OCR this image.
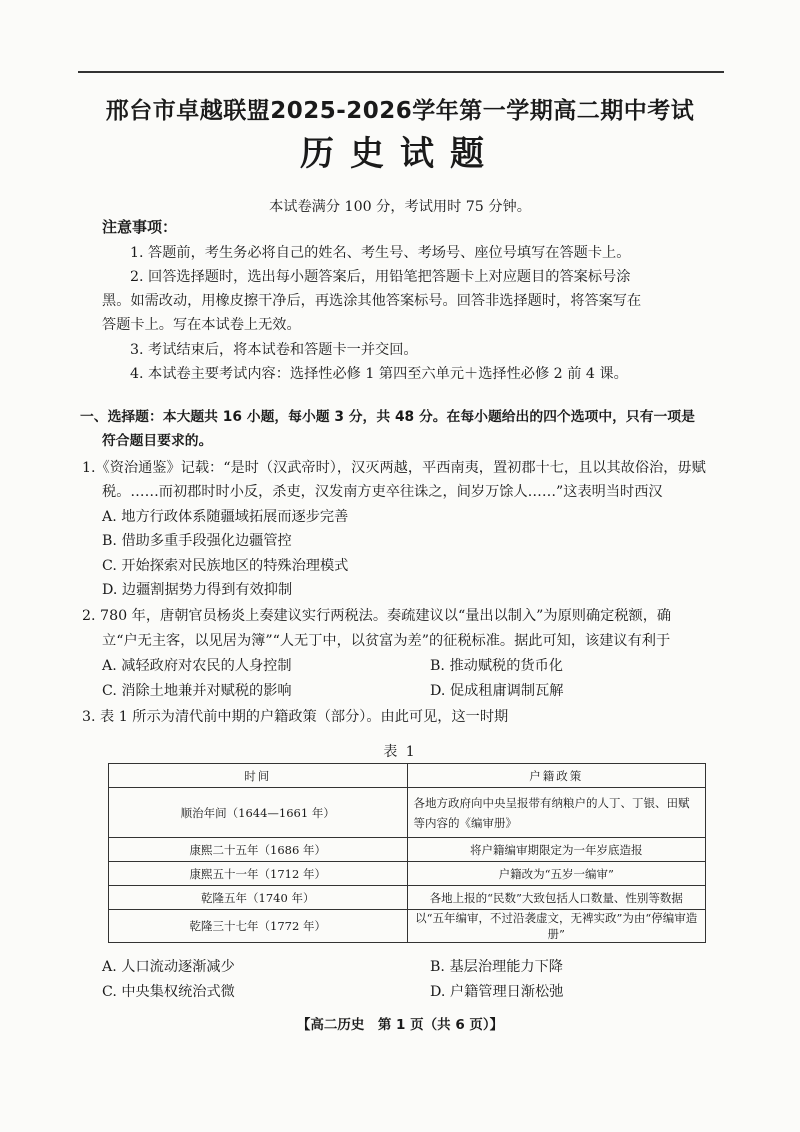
邢台市卓越联盟2025-2026学年第一学期高二期中考试
历史试题
本试卷满分 100 分，考试用时 75 分钟。
注意事项：
1. 答题前，考生务必将自己的姓名、考生号、考场号、座位号填写在答题卡上。
2. 回答选择题时，选出每小题答案后，用铅笔把答题卡上对应题目的答案标号涂
黑。如需改动，用橡皮擦干净后，再选涂其他答案标号。回答非选择题时，将答案写在
答题卡上。写在本试卷上无效。
3. 考试结束后，将本试卷和答题卡一并交回。
4. 本试卷主要考试内容：选择性必修 1 第四至六单元＋选择性必修 2 前 4 课。
一、选择题：本大题共 16 小题，每小题 3 分，共 48 分。在每小题给出的四个选项中，只有一项是
符合题目要求的。
1.《资治通鉴》记载：“是时（汉武帝时），汉灭两越，平西南夷，置初郡十七，且以其故俗治，毋赋
税。……而初郡时时小反，杀吏，汉发南方吏卒往诛之，间岁万馀人……”这表明当时西汉
A. 地方行政体系随疆域拓展而逐步完善
B. 借助多重手段强化边疆管控
C. 开始探索对民族地区的特殊治理模式
D. 边疆割据势力得到有效抑制
2. 780 年，唐朝官员杨炎上奏建议实行两税法。奏疏建议以“量出以制入”为原则确定税额，确
立“户无主客，以见居为簿”“人无丁中，以贫富为差”的征税标准。据此可知，该建议有利于
A. 减轻政府对农民的人身控制	B. 推动赋税的货币化
C. 消除土地兼并对赋税的影响	D. 促成租庸调制瓦解
3. 表 1 所示为清代前中期的户籍政策（部分）。由此可见，这一时期
表 1
时间	户籍政策
顺治年间（1644—1661 年）	各地方政府向中央呈报带有纳粮户的人丁、丁银、田赋等内容的《编审册》
康熙二十五年（1686 年）	将户籍编审期限定为一年岁底造报
康熙五十一年（1712 年）	户籍改为“五岁一编审”
乾隆五年（1740 年）	各地上报的“民数”大致包括人口数量、性别等数据
乾隆三十七年（1772 年）	以“五年编审，不过沿袭虚文，无裨实政”为由“停编审造册”
A. 人口流动逐渐减少	B. 基层治理能力下降
C. 中央集权统治式微	D. 户籍管理日渐松弛
【高二历史　第 1 页（共 6 页）】
